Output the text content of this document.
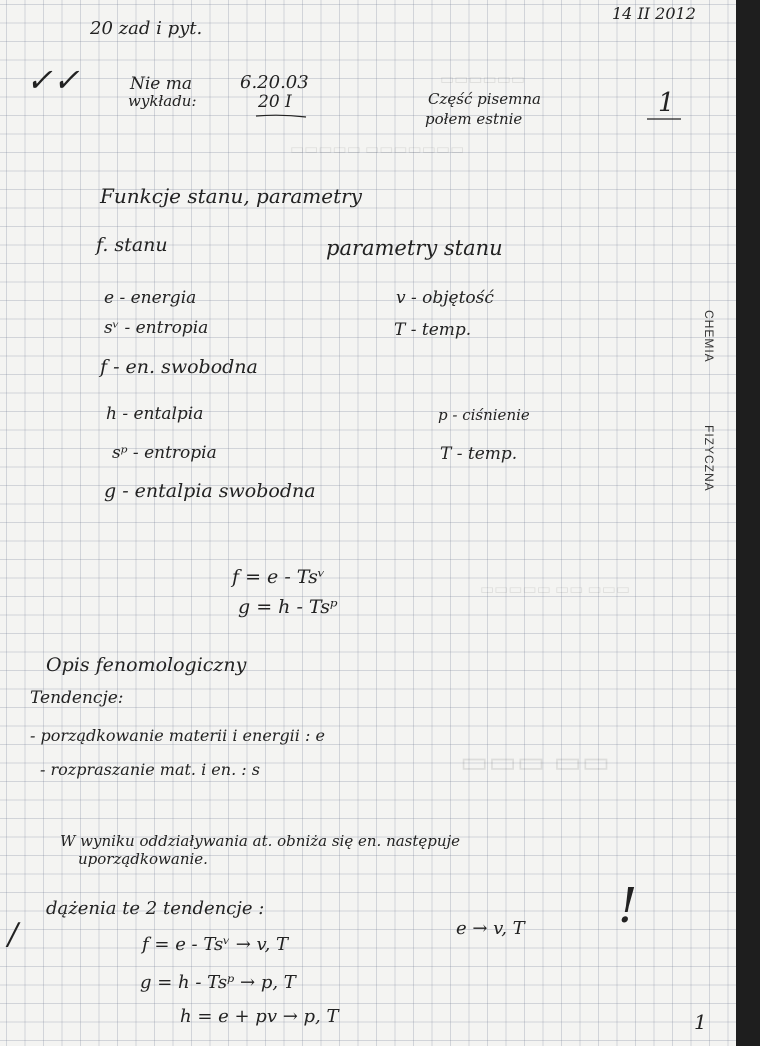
▭▭▭▭▭▭
▭▭▭▭▭ ▭▭▭▭▭▭▭
▭▭▭▭▭ ▭▭ ▭▭▭
▭▭▭ ▭▭
20 zad i pyt.
14 II 2012
✓✓	Nie ma
wykładu:
6.20.03
20 I	Część pisemna
połem estnie
1
CHEMIA
FIZYCZNA
Funkcje stanu, parametry
f. stanu	parametry stanu
e - energia
sᵛ - entropia
f - en. swobodna
h - entalpia
sᵖ - entropia
g - entalpia swobodna
v - objętość
T - temp.
p - ciśnienie
T - temp.
f = e - Tsᵛ
g = h - Tsᵖ
Opis fenomologiczny
Tendencje:
- porządkowanie materii i energii : e
- rozpraszanie mat. i en. : s
W wyniku oddziaływania at. obniża się en. następuje
uporządkowanie.
dążenia te 2 tendencje :
/	f = e - Tsᵛ → v, T
g = h - Tsᵖ → p, T
h = e + pv → p, T
e → v, T !
1
